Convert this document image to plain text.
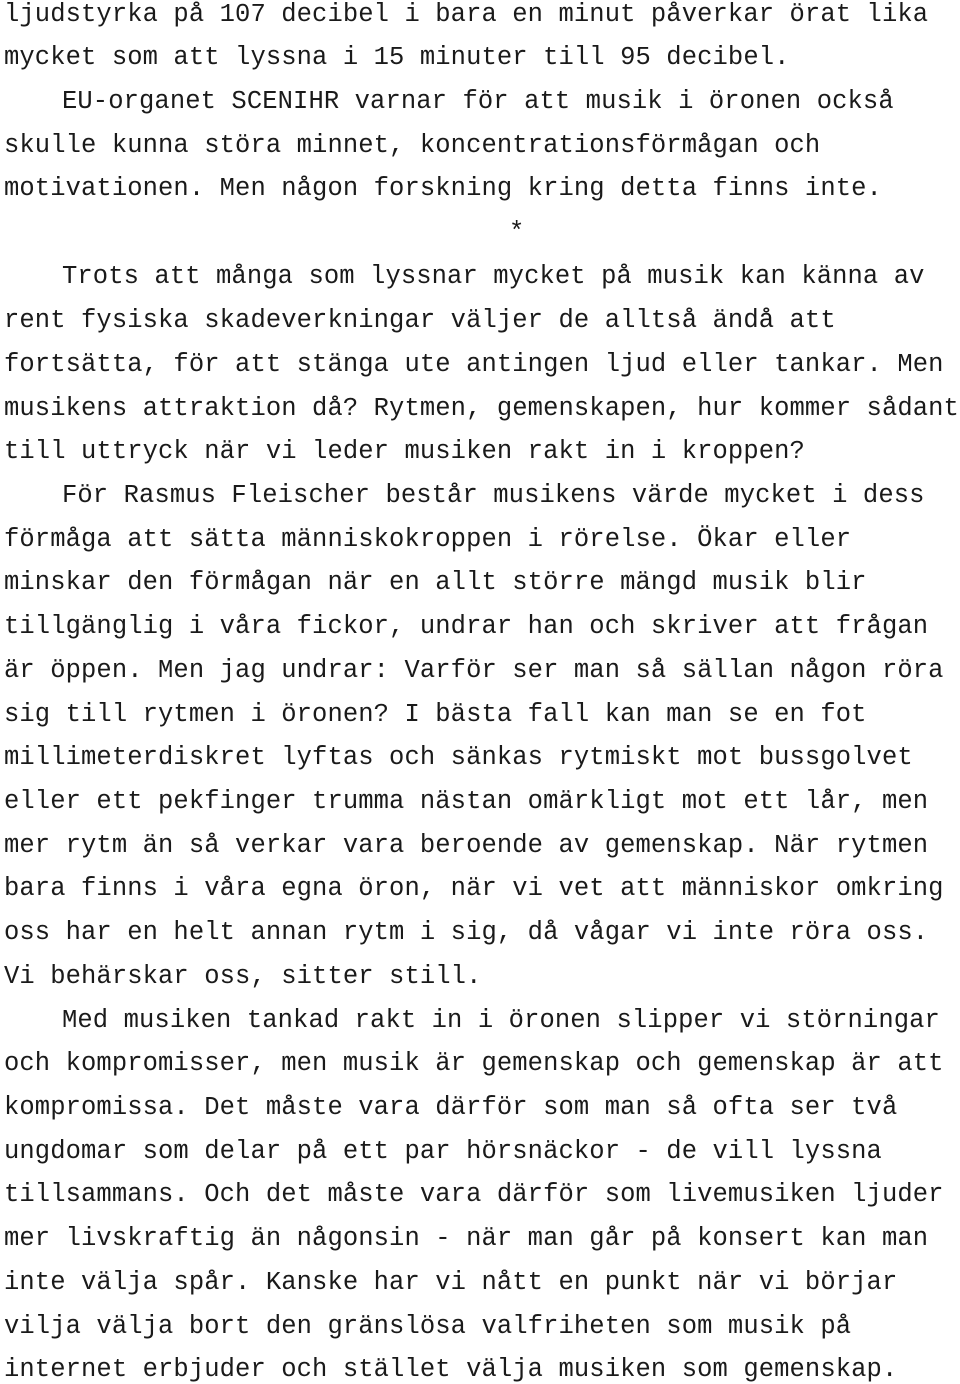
ljudstyrka på 107 decibel i bara en minut påverkar örat lika
mycket som att lyssna i 15 minuter till 95 decibel.
EU-organet SCENIHR varnar för att musik i öronen också
skulle kunna störa minnet, koncentrationsförmågan och
motivationen. Men någon forskning kring detta finns inte.
*
Trots att många som lyssnar mycket på musik kan känna av
rent fysiska skadeverkningar väljer de alltså ändå att
fortsätta, för att stänga ute antingen ljud eller tankar. Men
musikens attraktion då? Rytmen, gemenskapen, hur kommer sådant
till uttryck när vi leder musiken rakt in i kroppen?
För Rasmus Fleischer består musikens värde mycket i dess
förmåga att sätta människokroppen i rörelse. Ökar eller
minskar den förmågan när en allt större mängd musik blir
tillgänglig i våra fickor, undrar han och skriver att frågan
är öppen. Men jag undrar: Varför ser man så sällan någon röra
sig till rytmen i öronen? I bästa fall kan man se en fot
millimeterdiskret lyftas och sänkas rytmiskt mot bussgolvet
eller ett pekfinger trumma nästan omärkligt mot ett lår, men
mer rytm än så verkar vara beroende av gemenskap. När rytmen
bara finns i våra egna öron, när vi vet att människor omkring
oss har en helt annan rytm i sig, då vågar vi inte röra oss.
Vi behärskar oss, sitter still.
Med musiken tankad rakt in i öronen slipper vi störningar
och kompromisser, men musik är gemenskap och gemenskap är att
kompromissa. Det måste vara därför som man så ofta ser två
ungdomar som delar på ett par hörsnäckor - de vill lyssna
tillsammans. Och det måste vara därför som livemusiken ljuder
mer livskraftig än någonsin - när man går på konsert kan man
inte välja spår. Kanske har vi nått en punkt när vi börjar
vilja välja bort den gränslösa valfriheten som musik på
internet erbjuder och stället välja musiken som gemenskap.
